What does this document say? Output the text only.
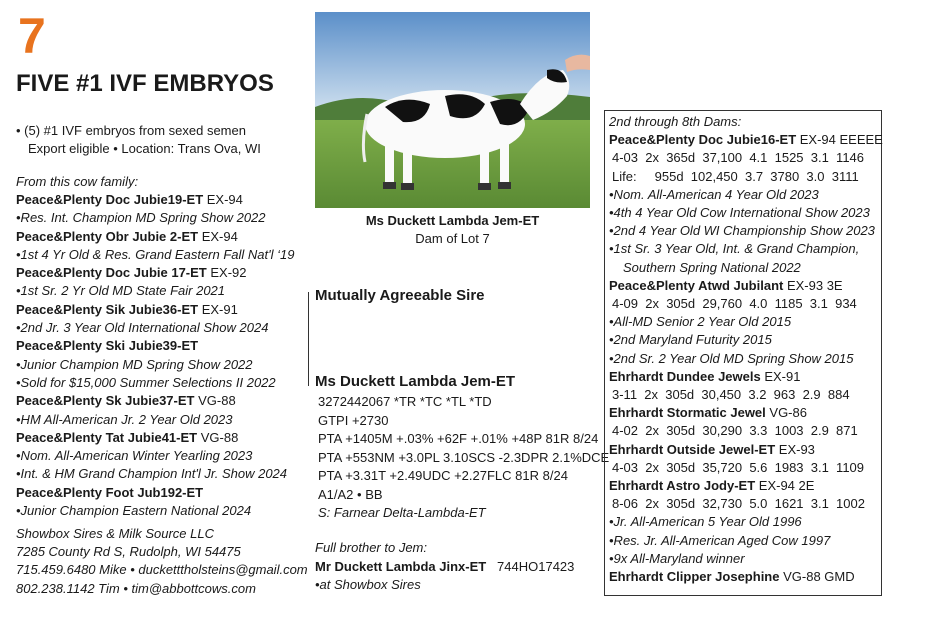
7
FIVE #1 IVF EMBRYOS
• (5) #1 IVF embryos from sexed semen
Export eligible • Location: Trans Ova, WI
From this cow family:
Peace&Plenty Doc Jubie19-ET EX-94
•Res. Int. Champion MD Spring Show 2022
Peace&Plenty Obr Jubie 2-ET EX-94
•1st 4 Yr Old & Res. Grand Eastern Fall Nat'l ‘19
Peace&Plenty Doc Jubie 17-ET EX-92
•1st Sr. 2 Yr Old MD State Fair 2021
Peace&Plenty Sik Jubie36-ET EX-91
•2nd Jr. 3 Year Old International Show 2024
Peace&Plenty Ski Jubie39-ET
•Junior Champion MD Spring Show 2022
•Sold for $15,000 Summer Selections II 2022
Peace&Plenty Sk Jubie37-ET VG-88
•HM All-American Jr. 2 Year Old 2023
Peace&Plenty Tat Jubie41-ET VG-88
•Nom. All-American Winter Yearling 2023
•Int. & HM Grand Champion Int'l Jr. Show 2024
Peace&Plenty Foot Jub192-ET
•Junior Champion Eastern National 2024
Showbox Sires & Milk Source LLC
7285 County Rd S, Rudolph, WI 54475
715.459.6480 Mike • ducketttholsteins@gmail.com
802.238.1142 Tim • tim@abbottcows.com
Ms Duckett Lambda Jem-ET
Dam of Lot 7
Mutually Agreeable Sire
Ms Duckett Lambda Jem-ET
3272442067 *TR *TC *TL *TD
GTPI +2730
PTA +1405M +.03% +62F +.01% +48P 81R 8/24
PTA +553NM +3.0PL 3.10SCS -2.3DPR 2.1%DCE
PTA +3.31T +2.49UDC +2.27FLC 81R 8/24
A1/A2 • BB
S: Farnear Delta-Lambda-ET
Full brother to Jem:
Mr Duckett Lambda Jinx-ET   744HO17423
•at Showbox Sires
2nd through 8th Dams:
Peace&Plenty Doc Jubie16-ET EX-94 EEEEE
4-03  2x  365d  37,100  4.1  1525  3.1  1146
Life:     955d  102,450  3.7  3780  3.0  3111
•Nom. All-American 4 Year Old 2023
•4th 4 Year Old Cow International Show 2023
•2nd 4 Year Old WI Championship Show 2023
•1st Sr. 3 Year Old, Int. & Grand Champion,
Southern Spring National 2022
Peace&Plenty Atwd Jubilant EX-93 3E
4-09  2x  305d  29,760  4.0  1185  3.1  934
•All-MD Senior 2 Year Old 2015
•2nd Maryland Futurity 2015
•2nd Sr. 2 Year Old MD Spring Show 2015
Ehrhardt Dundee Jewels EX-91
3-11  2x  305d  30,450  3.2  963  2.9  884
Ehrhardt Stormatic Jewel VG-86
4-02  2x  305d  30,290  3.3  1003  2.9  871
Ehrhardt Outside Jewel-ET EX-93
4-03  2x  305d  35,720  5.6  1983  3.1  1109
Ehrhardt Astro Jody-ET EX-94 2E
8-06  2x  305d  32,730  5.0  1621  3.1  1002
•Jr. All-American 5 Year Old 1996
•Res. Jr. All-American Aged Cow 1997
•9x All-Maryland winner
Ehrhardt Clipper Josephine VG-88 GMD
